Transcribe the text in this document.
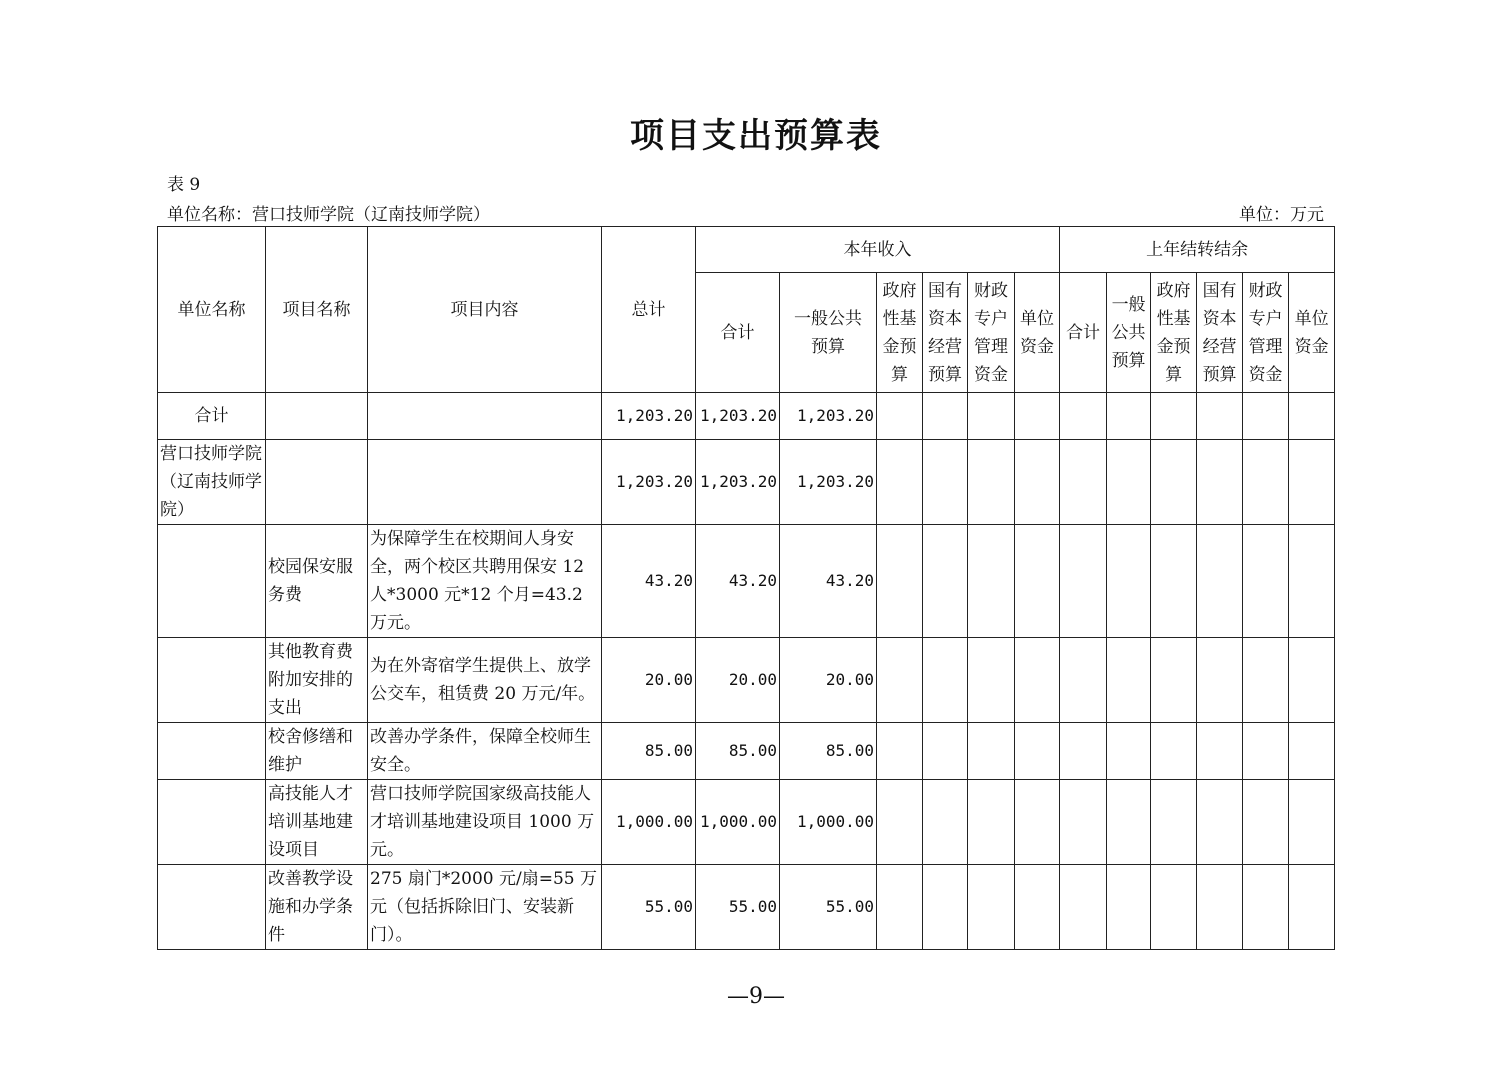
项目支出预算表
表 9
单位名称：营口技师学院（辽南技师学院）	单位：万元
单位名称	项目名称	项目内容	总计	本年收入						上年结转结余					
				合计	一般公共预算	政府性基金预算	国有资本经营预算	财政专户管理资金	单位资金	合计	一般公共预算	政府性基金预算	国有资本经营预算	财政专户管理资金	单位资金
合计			1,203.20	1,203.20	1,203.20										
营口技师学院（辽南技师学院）			1,203.20	1,203.20	1,203.20										
	校园保安服务费	为保障学生在校期间人身安全，两个校区共聘用保安 12 人*3000 元*12 个月=43.2 万元。	43.20	43.20	43.20										
	其他教育费附加安排的支出	为在外寄宿学生提供上、放学公交车，租赁费 20 万元/年。	20.00	20.00	20.00										
	校舍修缮和维护	改善办学条件，保障全校师生安全。	85.00	85.00	85.00										
	高技能人才培训基地建设项目	营口技师学院国家级高技能人才培训基地建设项目 1000 万元。	1,000.00	1,000.00	1,000.00										
	改善教学设施和办学条件	275 扇门*2000 元/扇=55 万元（包括拆除旧门、安装新门）。	55.00	55.00	55.00										
—9—
